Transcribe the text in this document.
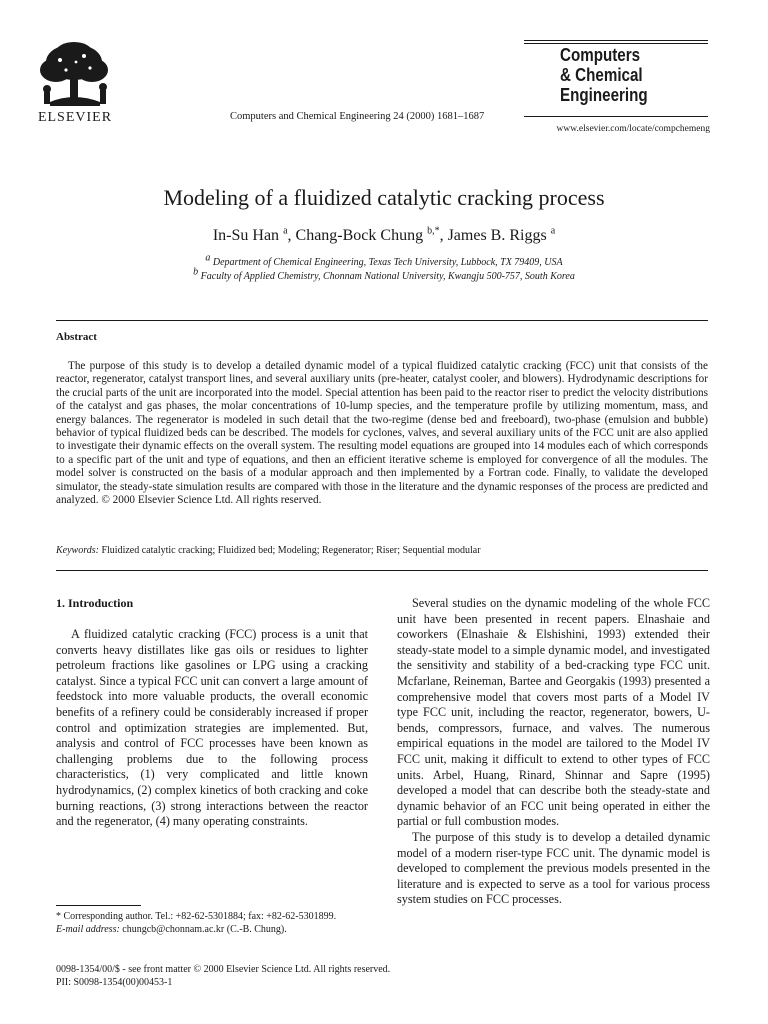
ELSEVIER	Computers and Chemical Engineering 24 (2000) 1681–1687
Computers
& Chemical
Engineering
www.elsevier.com/locate/compchemeng
Modeling of a fluidized catalytic cracking process
In-Su Han $^a$, Chang-Bock Chung $^{b,*}$, James B. Riggs $^a$
a Department of Chemical Engineering, Texas Tech University, Lubbock, TX 79409, USA
b Faculty of Applied Chemistry, Chonnam National University, Kwangju 500-757, South Korea
Abstract
The purpose of this study is to develop a detailed dynamic model of a typical fluidized catalytic cracking (FCC) unit that consists of the reactor, regenerator, catalyst transport lines, and several auxiliary units (pre-heater, catalyst cooler, and blowers). Hydrodynamic descriptions for the crucial parts of the unit are incorporated into the model. Special attention has been paid to the reactor riser to predict the velocity distributions of the catalyst and gas phases, the molar concentrations of 10-lump species, and the temperature profile by utilizing momentum, mass, and energy balances. The regenerator is modeled in such detail that the two-regime (dense bed and freeboard), two-phase (emulsion and bubble) behavior of typical fluidized beds can be described. The models for cyclones, valves, and several auxiliary units of the FCC unit are also applied to investigate their dynamic effects on the overall system. The resulting model equations are grouped into 14 modules each of which corresponds to a specific part of the unit and type of equations, and then an efficient iterative scheme is employed for convergence of all the modules. The model solver is constructed on the basis of a modular approach and then implemented by a Fortran code. Finally, to validate the developed simulator, the steady-state simulation results are compared with those in the literature and the dynamic responses of the process are predicted and analyzed. © 2000 Elsevier Science Ltd. All rights reserved.
Keywords: Fluidized catalytic cracking; Fluidized bed; Modeling; Regenerator; Riser; Sequential modular
1. Introduction

A fluidized catalytic cracking (FCC) process is a unit that converts heavy distillates like gas oils or residues to lighter petroleum fractions like gasolines or LPG using a cracking catalyst. Since a typical FCC unit can convert a large amount of feedstock into more valuable products, the overall economic benefits of a refinery could be considerably increased if proper control and optimization strategies are implemented. But, analysis and control of FCC processes have been known as challenging problems due to the following process characteristics, (1) very complicated and little known hydrodynamics, (2) complex kinetics of both cracking and coke burning reactions, (3) strong interactions between the reactor and the regenerator, (4) many operating constraints.

* Corresponding author. Tel.: +82-62-5301884; fax: +82-62-5301899.
E-mail address: chungcb@chonnam.ac.kr (C.-B. Chung).

Several studies on the dynamic modeling of the whole FCC unit have been presented in recent papers. Elnashaie and coworkers (Elnashaie & Elshishini, 1993) extended their steady-state model to a simple dynamic model, and investigated the sensitivity and stability of a bed-cracking type FCC unit. Mcfarlane, Reineman, Bartee and Georgakis (1993) presented a comprehensive model that covers most parts of a Model IV type FCC unit, including the reactor, regenerator, bowers, U-bends, compressors, furnace, and valves. The numerous empirical equations in the model are tailored to the Model IV FCC unit, making it difficult to extend to other types of FCC units. Arbel, Huang, Rinard, Shinnar and Sapre (1995) developed a model that can describe both the steady-state and dynamic behavior of an FCC unit being operated in either the partial or full combustion modes.

The purpose of this study is to develop a detailed dynamic model of a modern riser-type FCC unit. The dynamic model is developed to complement the previous models presented in the literature and is expected to serve as a tool for various process system studies on FCC processes.

0098-1354/00/$ - see front matter © 2000 Elsevier Science Ltd. All rights reserved.
PII: S0098-1354(00)00453-1
